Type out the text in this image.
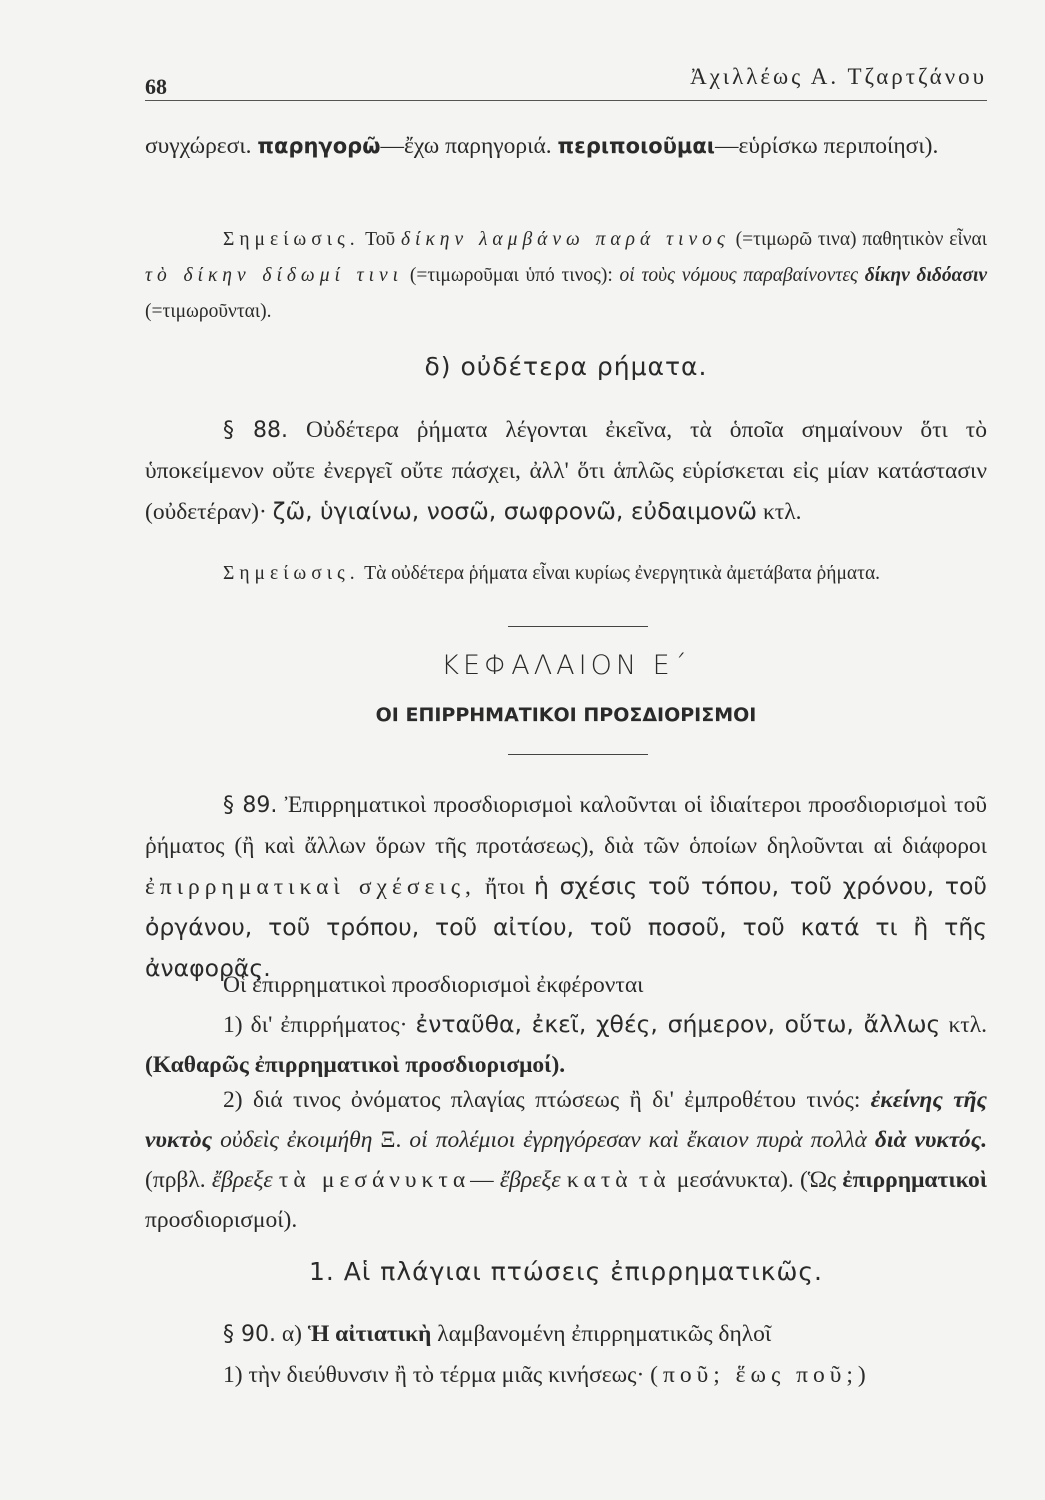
68	Ἀχιλλέως Α. Τζαρτζάνου
συγχώρεσι. παρηγορῶ—ἔχω παρηγοριά. περιποιοῦμαι—εὑρίσκω περιποίησι).
Σημείωσις. Τοῦ δίκην λαμβάνω παρά τινος (=τιμωρῶ τινα) παθητικὸν εἶναι τὸ δίκην δίδωμί τινι (=τιμωροῦμαι ὑπό τινος): οἱ τοὺς νόμους παραβαίνοντες δίκην διδόασιν (=τιμωροῦνται).
δ) οὐδέτερα ρήματα.
§ 88. Οὐδέτερα ῥήματα λέγονται ἐκεῖνα, τὰ ὁποῖα σημαίνουν ὅτι τὸ ὑποκείμενον οὔτε ἐνεργεῖ οὔτε πάσχει, ἀλλ' ὅτι ἁπλῶς εὑρίσκεται εἰς μίαν κατάστασιν (οὐδετέραν)· ζῶ, ὑγιαίνω, νοσῶ, σωφρονῶ, εὐδαιμονῶ κτλ.
Σημείωσις. Τὰ οὐδέτερα ῥήματα εἶναι κυρίως ἐνεργητικὰ ἀμετάβατα ῥήματα.
ΚΕΦΑΛΑΙΟΝ Ε΄
ΟΙ ΕΠΙΡΡΗΜΑΤΙΚΟΙ ΠΡΟΣΔΙΟΡΙΣΜΟΙ
§ 89. Ἐπιρρηματικοὶ προσδιορισμοὶ καλοῦνται οἱ ἰδιαίτεροι προσδιορισμοὶ τοῦ ῥήματος (ἢ καὶ ἄλλων ὅρων τῆς προτάσεως), διὰ τῶν ὁποίων δηλοῦνται αἱ διάφοροι ἐπιρρηματικαὶ σχέσεις, ἤτοι ἡ σχέσις τοῦ τόπου, τοῦ χρόνου, τοῦ ὀργάνου, τοῦ τρόπου, τοῦ αἰτίου, τοῦ ποσοῦ, τοῦ κατά τι ἢ τῆς ἀναφορᾶς.
Οἱ ἐπιρρηματικοὶ προσδιορισμοὶ ἐκφέρονται
1) δι' ἐπιρρήματος· ἐνταῦθα, ἐκεῖ, χθές, σήμερον, οὕτω, ἄλλως κτλ. (Καθαρῶς ἐπιρρηματικοὶ προσδιορισμοί).
2) διά τινος ὀνόματος πλαγίας πτώσεως ἢ δι' ἐμπροθέτου τινός: ἐκείνης τῆς νυκτὸς οὐδεὶς ἐκοιμήθη Ξ. οἱ πολέμιοι ἐγρηγόρεσαν καὶ ἔκαιον πυρὰ πολλὰ διὰ νυκτός. (πρβλ. ἔβρεξε τὰ μεσάνυκτα— ἔβρεξε κατὰ τὰ μεσάνυκτα). (Ὡς ἐπιρρηματικοὶ προσδιορισμοί).
1. Αἱ πλάγιαι πτώσεις ἐπιρρηματικῶς.
§ 90. α) Ἡ αἰτιατικὴ λαμβανομένη ἐπιρρηματικῶς δηλοῖ
1) τὴν διεύθυνσιν ἢ τὸ τέρμα μιᾶς κινήσεως· (ποῦ; ἕως ποῦ;)
